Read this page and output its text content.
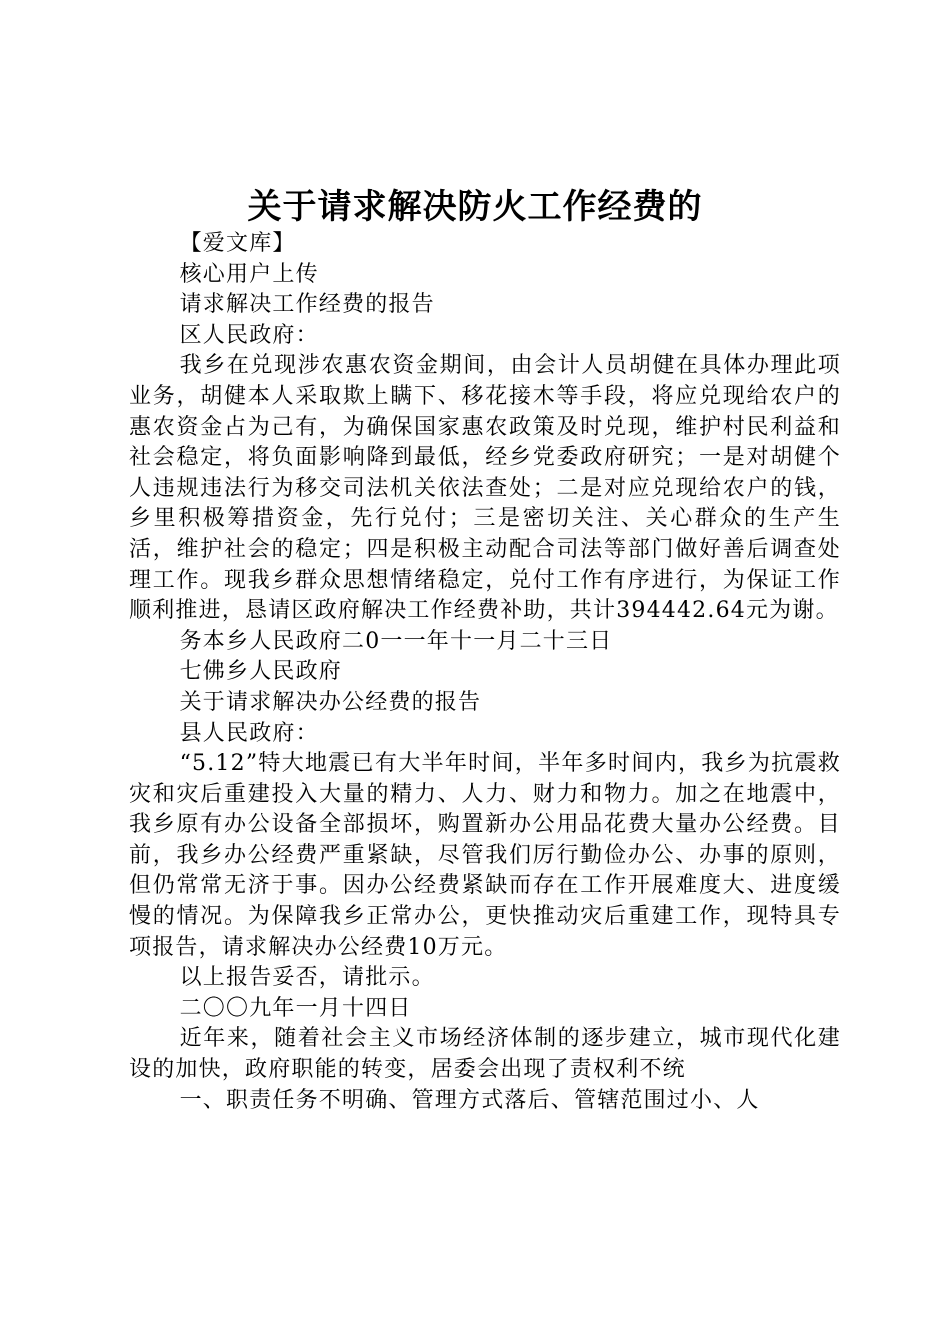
关于请求解决防火工作经费的

【爱文库】

核心用户上传

请求解决工作经费的报告

区人民政府：

我乡在兑现涉农惠农资金期间，由会计人员胡健在具体办理此项业务，胡健本人采取欺上瞒下、移花接木等手段，将应兑现给农户的惠农资金占为己有，为确保国家惠农政策及时兑现，维护村民利益和社会稳定，将负面影响降到最低，经乡党委政府研究；一是对胡健个人违规违法行为移交司法机关依法查处；二是对应兑现给农户的钱，乡里积极筹措资金，先行兑付；三是密切关注、关心群众的生产生活，维护社会的稳定；四是积极主动配合司法等部门做好善后调查处理工作。现我乡群众思想情绪稳定，兑付工作有序进行，为保证工作顺利推进，恳请区政府解决工作经费补助，共计394442.64元为谢。

务本乡人民政府二0一一年十一月二十三日

七佛乡人民政府

关于请求解决办公经费的报告

县人民政府：

“5.12”特大地震已有大半年时间，半年多时间内，我乡为抗震救灾和灾后重建投入大量的精力、人力、财力和物力。加之在地震中，我乡原有办公设备全部损坏，购置新办公用品花费大量办公经费。目前，我乡办公经费严重紧缺，尽管我们厉行勤俭办公、办事的原则，但仍常常无济于事。因办公经费紧缺而存在工作开展难度大、进度缓慢的情况。为保障我乡正常办公，更快推动灾后重建工作，现特具专项报告，请求解决办公经费10万元。

以上报告妥否，请批示。

二〇〇九年一月十四日

近年来，随着社会主义市场经济体制的逐步建立，城市现代化建设的加快，政府职能的转变，居委会出现了责权利不统

一、职责任务不明确、管理方式落后、管辖范围过小、人
